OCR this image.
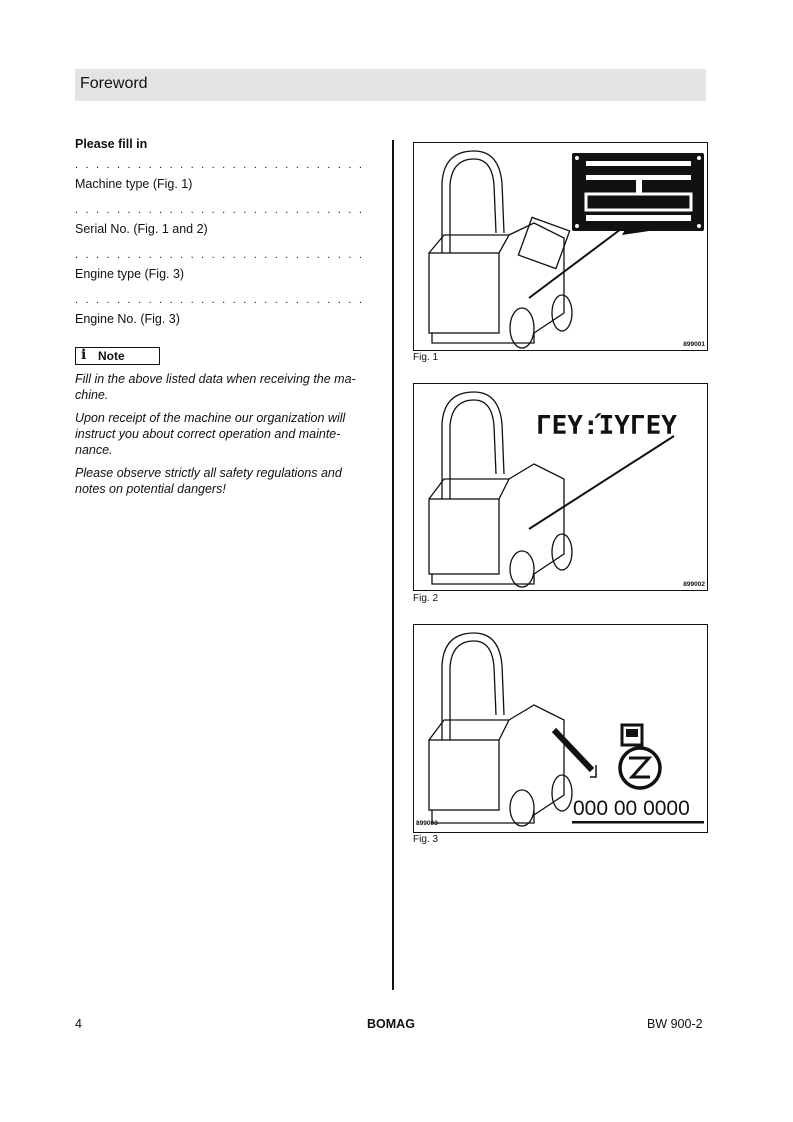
Foreword
Please fill in
. . . . . . . . . . . . . . . . . . . . . . . . . . . .
Machine type (Fig. 1)
. . . . . . . . . . . . . . . . . . . . . . . . . . . .
Serial No. (Fig. 1 and 2)
. . . . . . . . . . . . . . . . . . . . . . . . . . . .
Engine type (Fig. 3)
. . . . . . . . . . . . . . . . . . . . . . . . . . . .
Engine No. (Fig. 3)
i Note

Fill in the above listed data when receiving the ma-chine.

Upon receipt of the machine our organization will instruct you about correct operation and mainte-nance.

Please observe strictly all safety regulations and notes on potential dangers!

899001
Fig. 1
ΓΕΥ:ΊΥΓΕΥ
899002
Fig. 2
000 00 0000
899003
Fig. 3
4	BOMAG	BW 900-2
